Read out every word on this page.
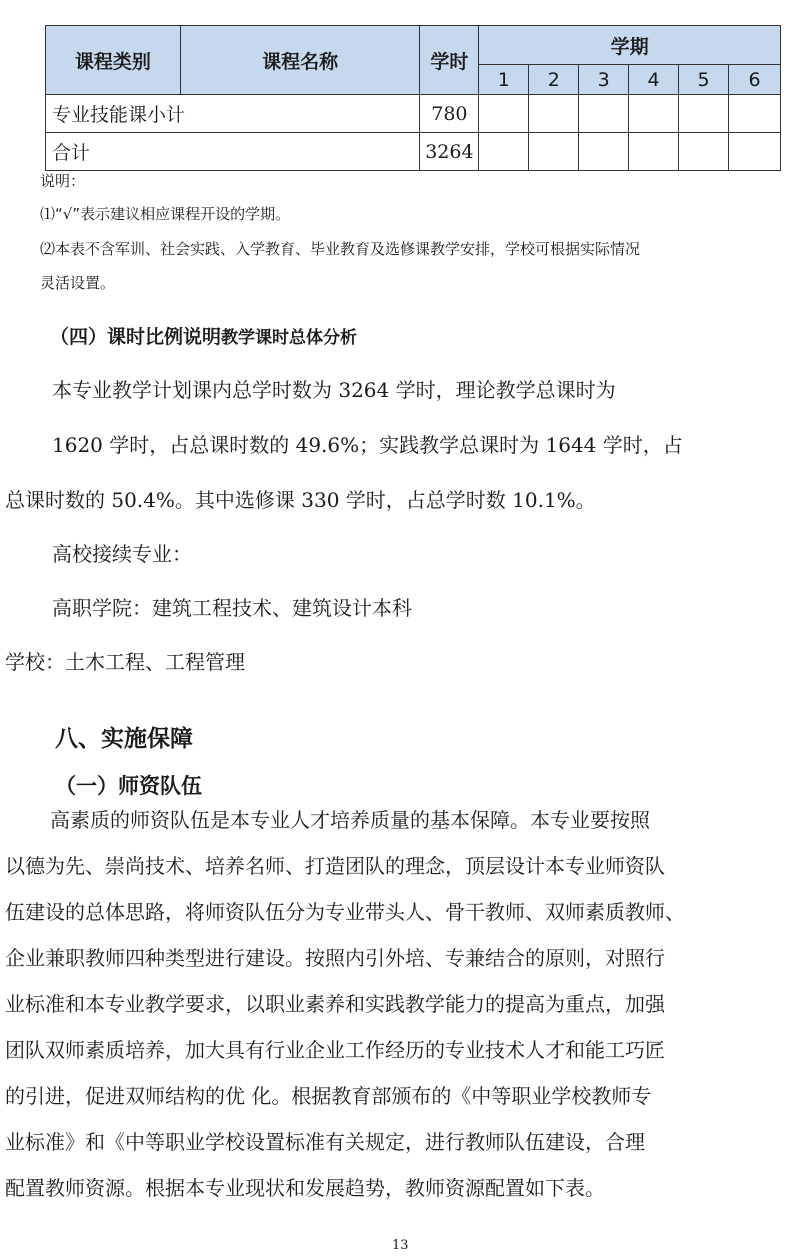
课程类别	课程名称	学时	学期					
			1	2	3	4	5	6
专业技能课小计		780						
合计		3264						
说明：
⑴“√”表示建议相应课程开设的学期。
⑵本表不含军训、社会实践、入学教育、毕业教育及选修课教学安排，学校可根据实际情况
灵活设置。
（四）课时比例说明教学课时总体分析
本专业教学计划课内总学时数为 3264 学时，理论教学总课时为
1620 学时，占总课时数的 49.6%；实践教学总课时为 1644 学时，占
总课时数的 50.4%。其中选修课 330 学时，占总学时数 10.1%。
高校接续专业：
高职学院：建筑工程技术、建筑设计本科
学校：土木工程、工程管理
八、实施保障
（一）师资队伍
高素质的师资队伍是本专业人才培养质量的基本保障。本专业要按照
以德为先、崇尚技术、培养名师、打造团队的理念，顶层设计本专业师资队
伍建设的总体思路，将师资队伍分为专业带头人、骨干教师、双师素质教师、
企业兼职教师四种类型进行建设。按照内引外培、专兼结合的原则，对照行
业标准和本专业教学要求，以职业素养和实践教学能力的提高为重点，加强
团队双师素质培养，加大具有行业企业工作经历的专业技术人才和能工巧匠
的引进，促进双师结构的优 化。根据教育部颁布的《中等职业学校教师专
业标准》和《中等职业学校设置标准有关规定，进行教师队伍建设，合理
配置教师资源。根据本专业现状和发展趋势，教师资源配置如下表。
13
